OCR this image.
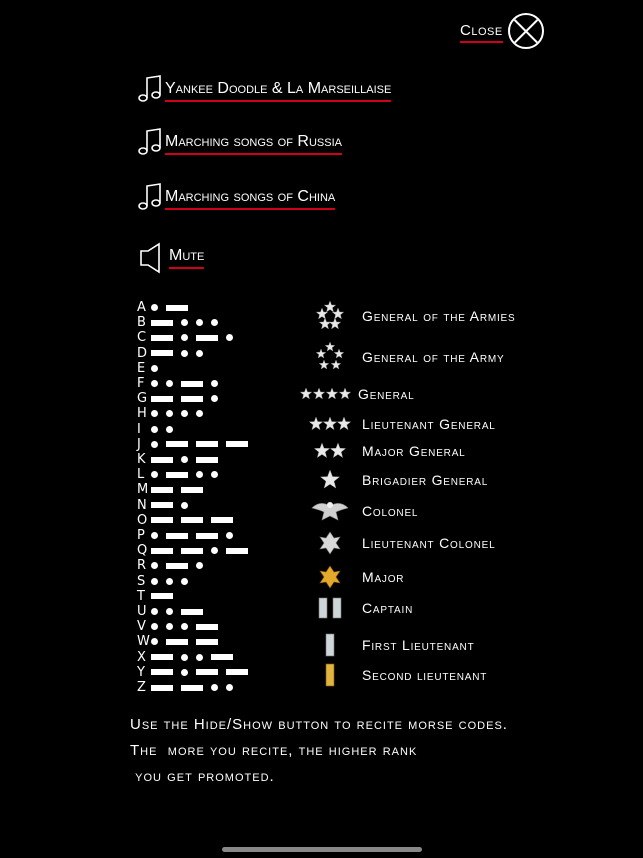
Close
Yankee Doodle & La Marseillaise
Marching songs of Russia
Marching songs of China
Mute
A
B
C
D
E
F
G
H
I
J
K
L
M
N
O
P
Q
R
S
T
U
V
W
X
Y
Z
General of the Armies
General of the Army
General
Lieutenant General
Major General
Brigadier General
Colonel
Lieutenant Colonel
Major
Captain
First Lieutenant
Second lieutenant
Use the Hide/Show button to recite morse codes.
The  more you recite, the higher rank
you get promoted.
